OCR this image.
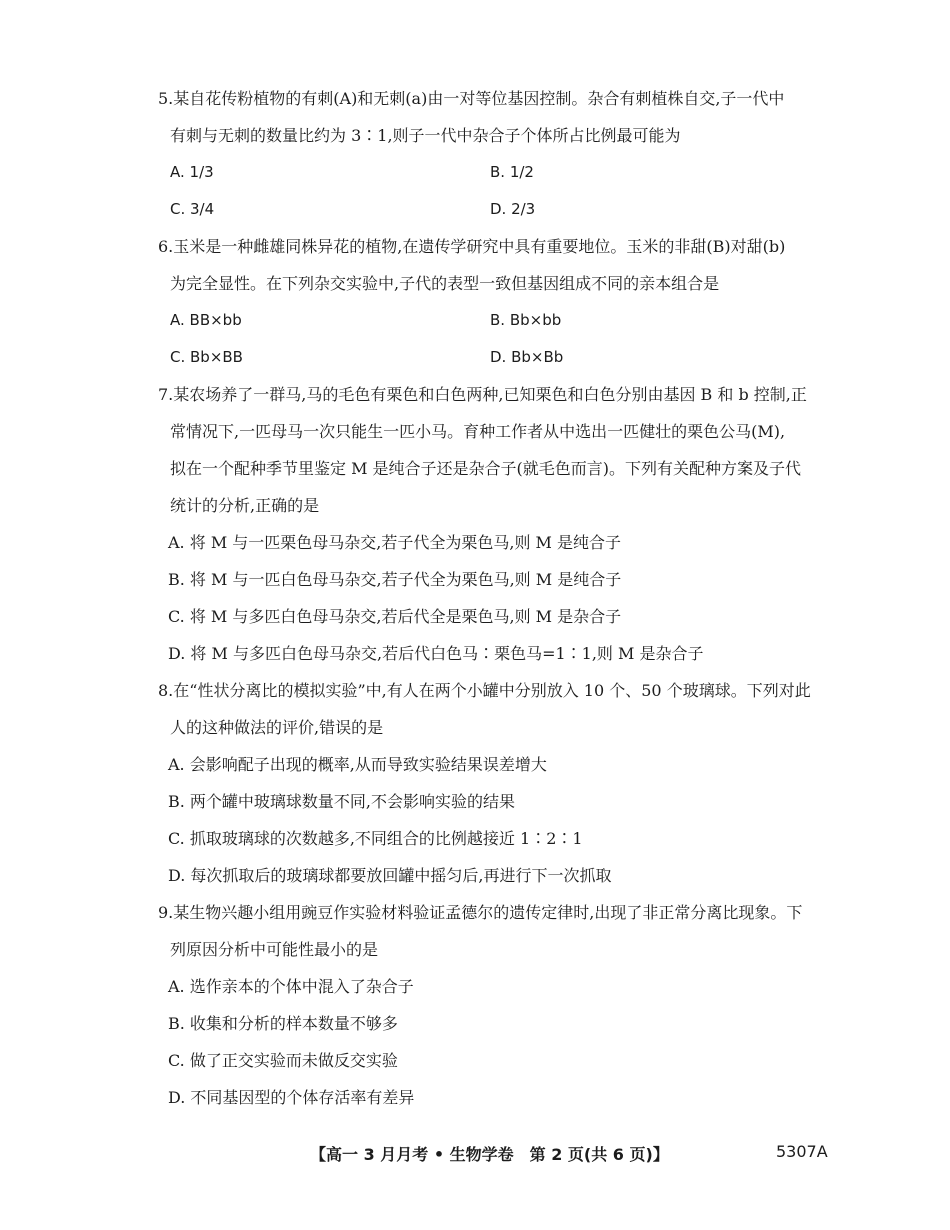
5.某自花传粉植物的有刺(A)和无刺(a)由一对等位基因控制。杂合有刺植株自交,子一代中
有刺与无刺的数量比约为 3∶1,则子一代中杂合子个体所占比例最可能为
A. 1/3	B. 1/2
C. 3/4	D. 2/3
6.玉米是一种雌雄同株异花的植物,在遗传学研究中具有重要地位。玉米的非甜(B)对甜(b)
为完全显性。在下列杂交实验中,子代的表型一致但基因组成不同的亲本组合是
A. BB×bb	B. Bb×bb
C. Bb×BB	D. Bb×Bb
7.某农场养了一群马,马的毛色有栗色和白色两种,已知栗色和白色分别由基因 B 和 b 控制,正
常情况下,一匹母马一次只能生一匹小马。育种工作者从中选出一匹健壮的栗色公马(M),
拟在一个配种季节里鉴定 M 是纯合子还是杂合子(就毛色而言)。下列有关配种方案及子代
统计的分析,正确的是
A. 将 M 与一匹栗色母马杂交,若子代全为栗色马,则 M 是纯合子
B. 将 M 与一匹白色母马杂交,若子代全为栗色马,则 M 是纯合子
C. 将 M 与多匹白色母马杂交,若后代全是栗色马,则 M 是杂合子
D. 将 M 与多匹白色母马杂交,若后代白色马∶栗色马=1∶1,则 M 是杂合子
8.在“性状分离比的模拟实验”中,有人在两个小罐中分别放入 10 个、50 个玻璃球。下列对此
人的这种做法的评价,错误的是
A. 会影响配子出现的概率,从而导致实验结果误差增大
B. 两个罐中玻璃球数量不同,不会影响实验的结果
C. 抓取玻璃球的次数越多,不同组合的比例越接近 1∶2∶1
D. 每次抓取后的玻璃球都要放回罐中摇匀后,再进行下一次抓取
9.某生物兴趣小组用豌豆作实验材料验证孟德尔的遗传定律时,出现了非正常分离比现象。下
列原因分析中可能性最小的是
A. 选作亲本的个体中混入了杂合子
B. 收集和分析的样本数量不够多
C. 做了正交实验而未做反交实验
D. 不同基因型的个体存活率有差异
【高一 3 月月考 • 生物学卷　第 2 页(共 6 页)】	5307A
